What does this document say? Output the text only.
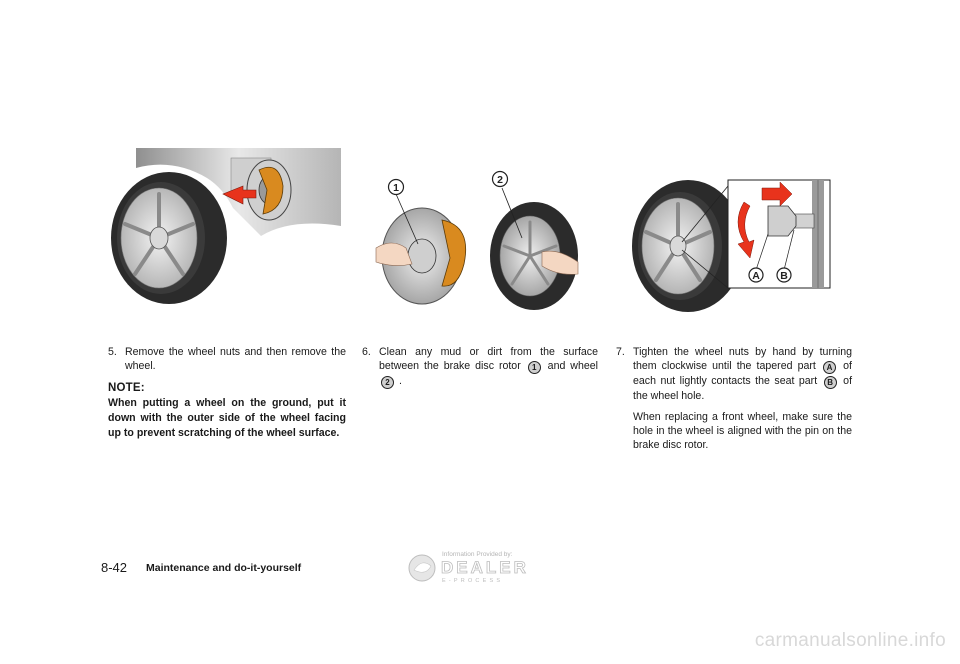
1
2
A B
5. Remove the wheel nuts and then remove the wheel.
NOTE:
When putting a wheel on the ground, put it down with the outer side of the wheel facing up to prevent scratching of the wheel surface.
6. Clean any mud or dirt from the surface between the brake disc rotor 1 and wheel 2 .
7. Tighten the wheel nuts by hand by turning them clockwise until the tapered part A of each nut lightly contacts the seat part B of the wheel hole.
When replacing a front wheel, make sure the hole in the wheel is aligned with the pin on the brake disc rotor.
8-42 Maintenance and do-it-yourself
Information Provided by:
DEALER
E-PROCESS
carmanualsonline.info
